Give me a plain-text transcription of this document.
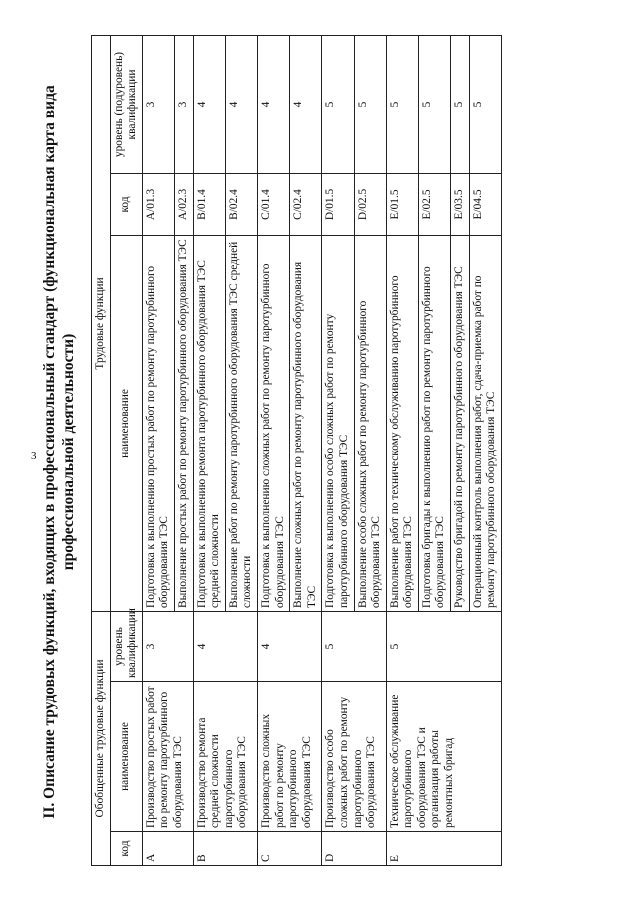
3 II. Описание трудовых функций, входящих в профессиональный стандарт (функциональная карта вида профессиональной деятельности)
Обобщенные трудовые функции			Трудовые функции		
код	наименование	уровень квалификации	наименование	код	уровень (подуровень) квалификации
A	Производство простых работ по ремонту паротурбинного оборудования ТЭС	3	Подготовка к выполнению простых работ по ремонту паротурбинного оборудования ТЭС	A/01.3	3
			Выполнение простых работ по ремонту паротурбинного оборудования ТЭС	A/02.3	3
B	Производство ремонта средней сложности паротурбинного оборудования ТЭС	4	Подготовка к выполнению ремонта паротурбинного оборудования ТЭС средней сложности	B/01.4	4
			Выполнение работ по ремонту паротурбинного оборудования ТЭС средней сложности	B/02.4	4
C	Производство сложных работ по ремонту паротурбинного оборудования ТЭС	4	Подготовка к выполнению сложных работ по ремонту паротурбинного оборудования ТЭС	C/01.4	4
			Выполнение сложных работ по ремонту паротурбинного оборудования ТЭС	C/02.4	4
D	Производство особо сложных работ по ремонту паротурбинного оборудования ТЭС	5	Подготовка к выполнению особо сложных работ по ремонту паротурбинного оборудования ТЭС	D/01.5	5
			Выполнение особо сложных работ по ремонту паротурбинного оборудования ТЭС	D/02.5	5
E	Техническое обслуживание паротурбинного оборудования ТЭС и организация работы ремонтных бригад	5	Выполнение работ по техническому обслуживанию паротурбинного оборудования ТЭС	E/01.5	5
			Подготовка бригады к выполнению работ по ремонту паротурбинного оборудования ТЭС	E/02.5	5
			Руководство бригадой по ремонту паротурбинного оборудования ТЭС	E/03.5	5
			Операционный контроль выполнения работ, сдача-приемка работ по ремонту паротурбинного оборудования ТЭС	E/04.5	5
